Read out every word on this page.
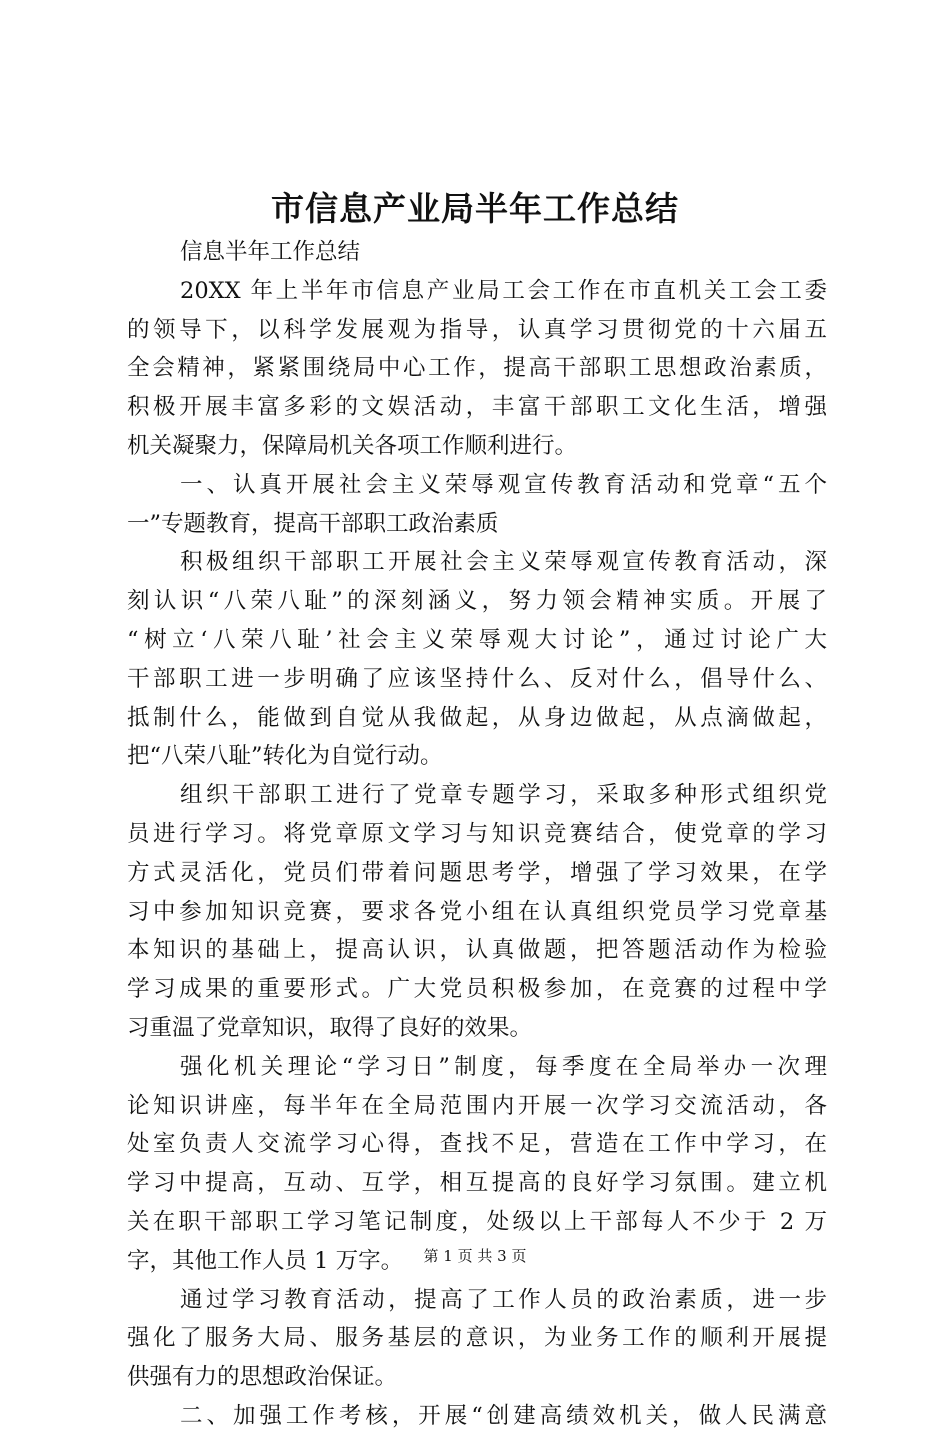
市信息产业局半年工作总结
信息半年工作总结
20XX 年上半年市信息产业局工会工作在市直机关工会工委
的领导下，以科学发展观为指导，认真学习贯彻党的十六届五
全会精神，紧紧围绕局中心工作，提高干部职工思想政治素质，
积极开展丰富多彩的文娱活动，丰富干部职工文化生活，增强
机关凝聚力，保障局机关各项工作顺利进行。
一、认真开展社会主义荣辱观宣传教育活动和党章“五个
一”专题教育，提高干部职工政治素质
积极组织干部职工开展社会主义荣辱观宣传教育活动，深
刻认识“八荣八耻”的深刻涵义，努力领会精神实质。开展了
“树立‘八荣八耻’社会主义荣辱观大讨论”，通过讨论广大
干部职工进一步明确了应该坚持什么、反对什么，倡导什么、
抵制什么，能做到自觉从我做起，从身边做起，从点滴做起，
把“八荣八耻”转化为自觉行动。
组织干部职工进行了党章专题学习，采取多种形式组织党
员进行学习。将党章原文学习与知识竞赛结合，使党章的学习
方式灵活化，党员们带着问题思考学，增强了学习效果，在学
习中参加知识竞赛，要求各党小组在认真组织党员学习党章基
本知识的基础上，提高认识，认真做题，把答题活动作为检验
学习成果的重要形式。广大党员积极参加，在竞赛的过程中学
习重温了党章知识，取得了良好的效果。
强化机关理论“学习日”制度，每季度在全局举办一次理
论知识讲座，每半年在全局范围内开展一次学习交流活动，各
处室负责人交流学习心得，查找不足，营造在工作中学习，在
学习中提高，互动、互学，相互提高的良好学习氛围。建立机
关在职干部职工学习笔记制度，处级以上干部每人不少于 2 万
字，其他工作人员 1 万字。
通过学习教育活动，提高了工作人员的政治素质，进一步
强化了服务大局、服务基层的意识，为业务工作的顺利开展提
供强有力的思想政治保证。
二、加强工作考核，开展“创建高绩效机关，做人民满意
第 1 页 共 3 页
